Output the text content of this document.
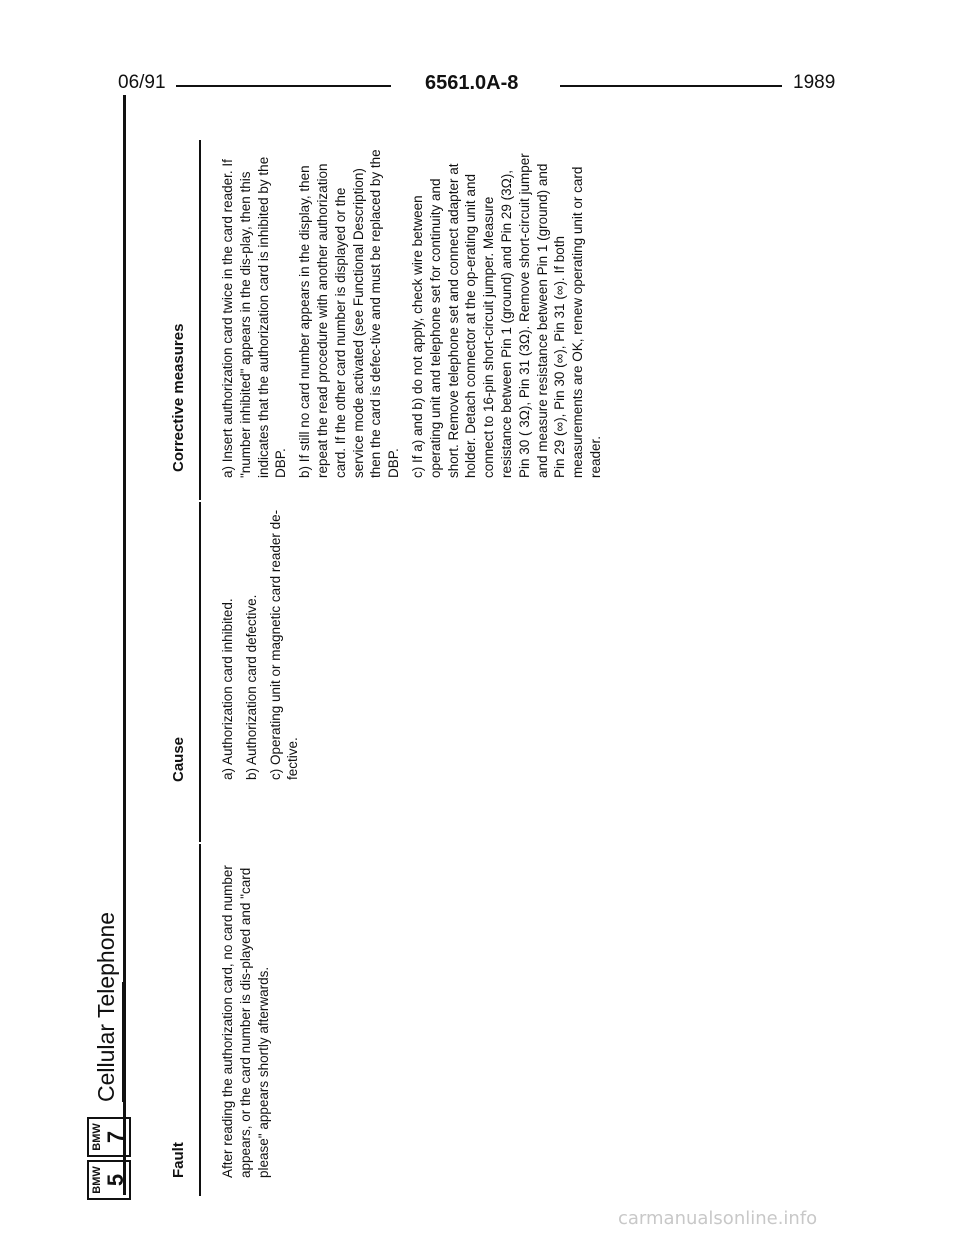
06/91	6561.0A-8	1989
BMW 5
BMW 7
Cellular Telephone
Fault
Cause
Corrective measures

After reading the authorization card, no card number appears, or the card number is dis-played and "card please" appears shortly afterwards.

a) Authorization card inhibited. b) Authorization card defective. c) Operating unit or magnetic card reader de-fective.

a) Insert authorization card twice in the card reader. If "number inhibited" appears in the dis-play, then this indicates that the authorization card is inhibited by the DBP. b) If still no card number appears in the display, then repeat the read procedure with another authorization card. If the other card number is displayed or the service mode activated (see Functional Description) then the card is defec-tive and must be replaced by the DBP. c) If a) and b) do not apply, check wire between operating unit and telephone set for continuity and short. Remove telephone set and connect adapter at holder. Detach connector at the op-erating unit and connect to 16-pin short-circuit jumper. Measure resistance between Pin 1 (ground) and Pin 29 (3Ω), Pin 30 ( 3Ω), Pin 31 (3Ω). Remove short-circuit jumper and measure resistance between Pin 1 (ground) and Pin 29 (∞), Pin 30 (∞), Pin 31 (∞). If both measurements are OK, renew operating unit or card reader.

carmanualsonline.info
